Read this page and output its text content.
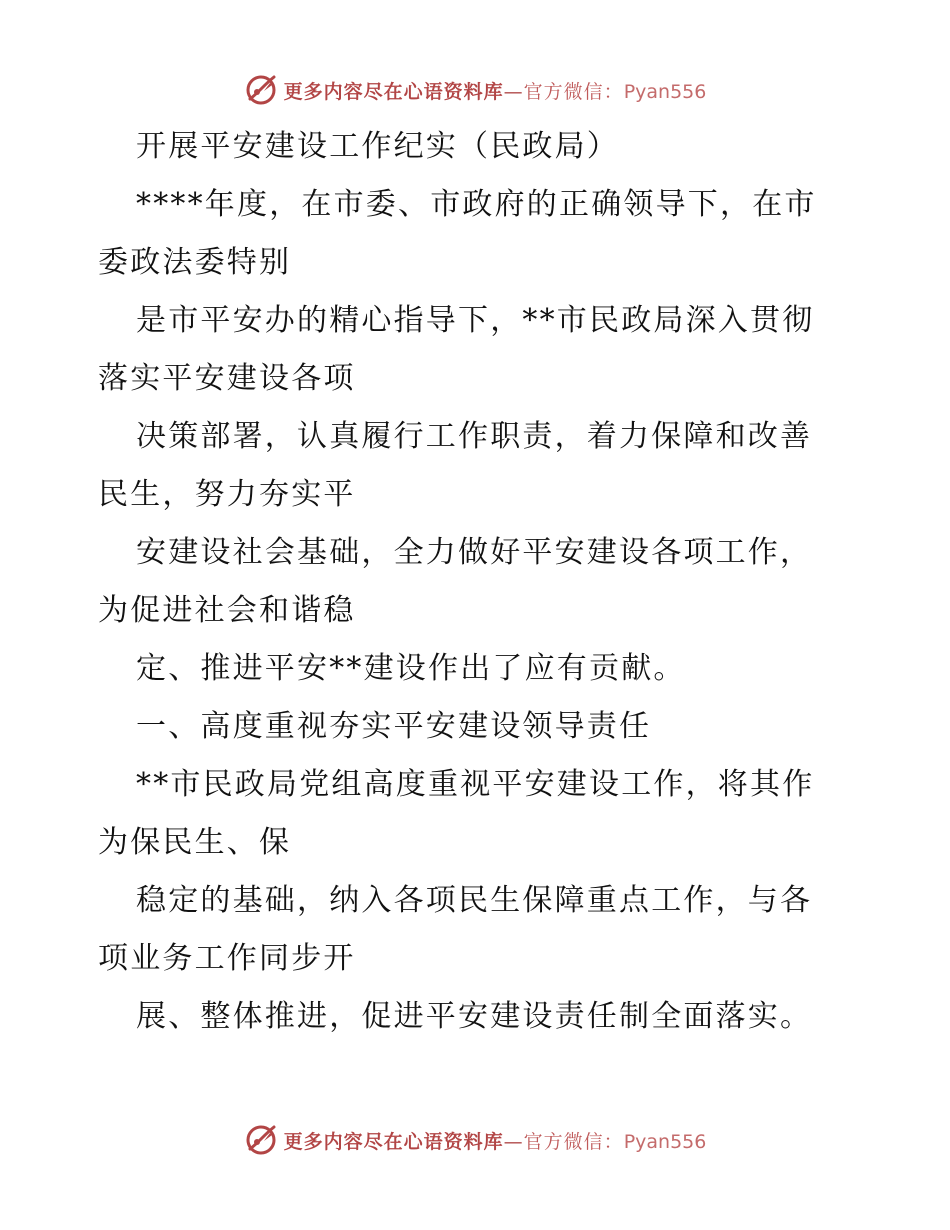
更多内容尽在心语资料库—官方微信：Pyan556
开展平安建设工作纪实（民政局）
****年度，在市委、市政府的正确领导下，在市
委政法委特别
是市平安办的精心指导下，**市民政局深入贯彻
落实平安建设各项
决策部署，认真履行工作职责，着力保障和改善
民生，努力夯实平
安建设社会基础，全力做好平安建设各项工作，
为促进社会和谐稳
定、推进平安**建设作出了应有贡献。
一、高度重视夯实平安建设领导责任
**市民政局党组高度重视平安建设工作，将其作
为保民生、保
稳定的基础，纳入各项民生保障重点工作，与各
项业务工作同步开
展、整体推进，促进平安建设责任制全面落实。
更多内容尽在心语资料库—官方微信：Pyan556
